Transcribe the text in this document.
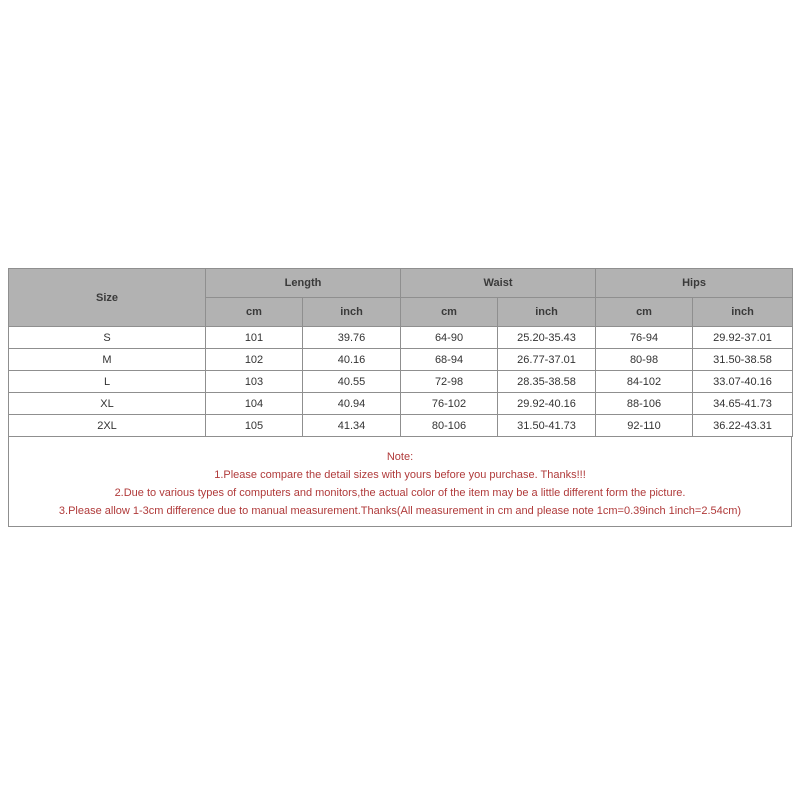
Size	Length		Waist		Hips	
	cm	inch	cm	inch	cm	inch
S	101	39.76	64-90	25.20-35.43	76-94	29.92-37.01
M	102	40.16	68-94	26.77-37.01	80-98	31.50-38.58
L	103	40.55	72-98	28.35-38.58	84-102	33.07-40.16
XL	104	40.94	76-102	29.92-40.16	88-106	34.65-41.73
2XL	105	41.34	80-106	31.50-41.73	92-110	36.22-43.31
Note:
1.Please compare the detail sizes with yours before you purchase. Thanks!!!
2.Due to various types of computers and monitors,the actual color of the item may be a little different form the picture.
3.Please allow 1-3cm difference due to manual measurement.Thanks(All measurement in cm and please note 1cm=0.39inch 1inch=2.54cm)
